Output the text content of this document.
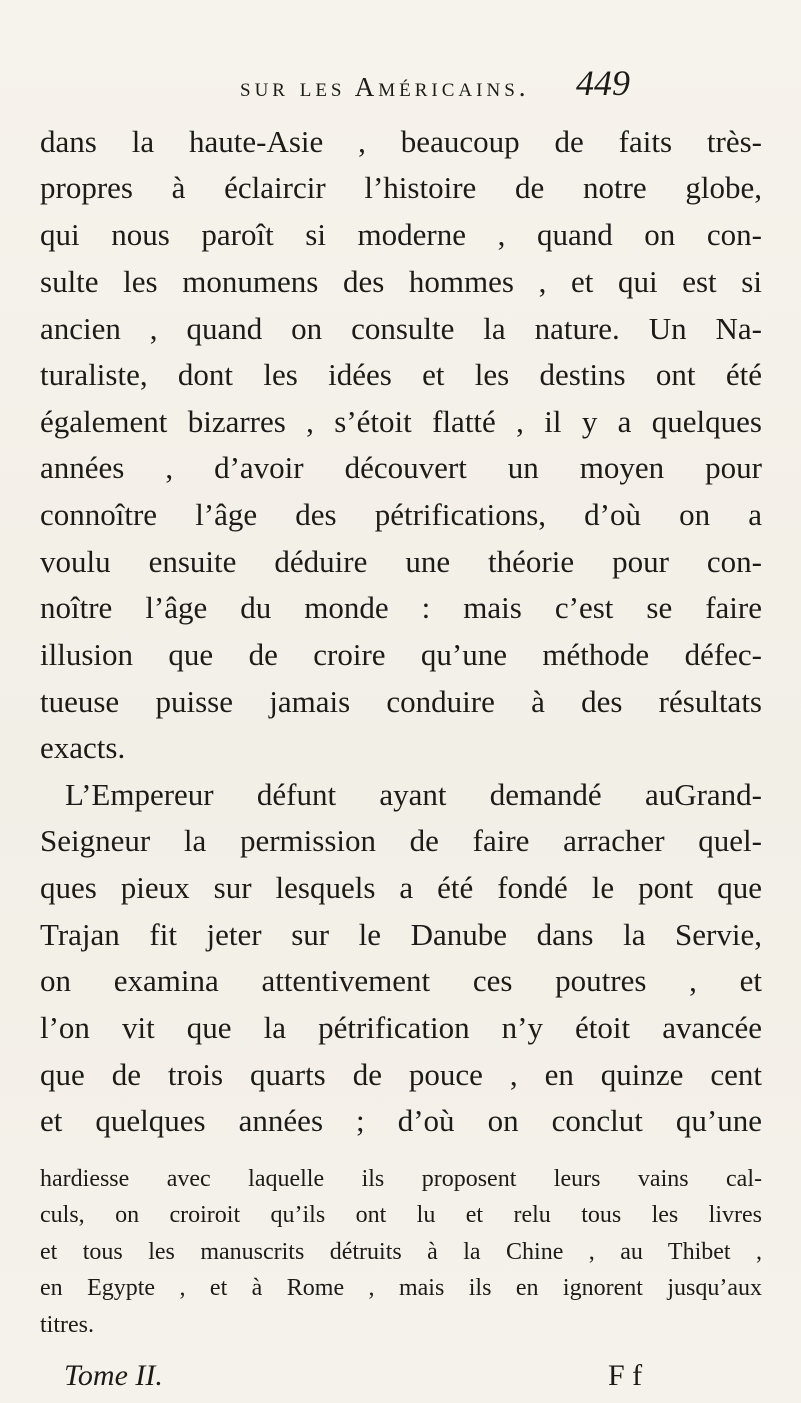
sur les Américains. 449
dans la haute-Asie , beaucoup de faits très-
propres à éclaircir l’histoire de notre globe,
qui nous paroît si moderne , quand on con-
sulte les monumens des hommes , et qui est si
ancien , quand on consulte la nature. Un Na-
turaliste, dont les idées et les destins ont été
également bizarres , s’étoit flatté , il y a quelques
années , d’avoir découvert un moyen pour
connoître l’âge des pétrifications, d’où on a
voulu ensuite déduire une théorie pour con-
noître l’âge du monde : mais c’est se faire
illusion que de croire qu’une méthode défec-
tueuse puisse jamais conduire à des résultats
exacts.
L’Empereur défunt ayant demandé auGrand-
Seigneur la permission de faire arracher quel-
ques pieux sur lesquels a été fondé le pont que
Trajan fit jeter sur le Danube dans la Servie,
on examina attentivement ces poutres , et
l’on vit que la pétrification n’y étoit avancée
que de trois quarts de pouce , en quinze cent
et quelques années ; d’où on conclut qu’une
hardiesse avec laquelle ils proposent leurs vains cal-
culs, on croiroit qu’ils ont lu et relu tous les livres
et tous les manuscrits détruits à la Chine , au Thibet ,
en Egypte , et à Rome , mais ils en ignorent jusqu’aux
titres.
Tome II.	F f
